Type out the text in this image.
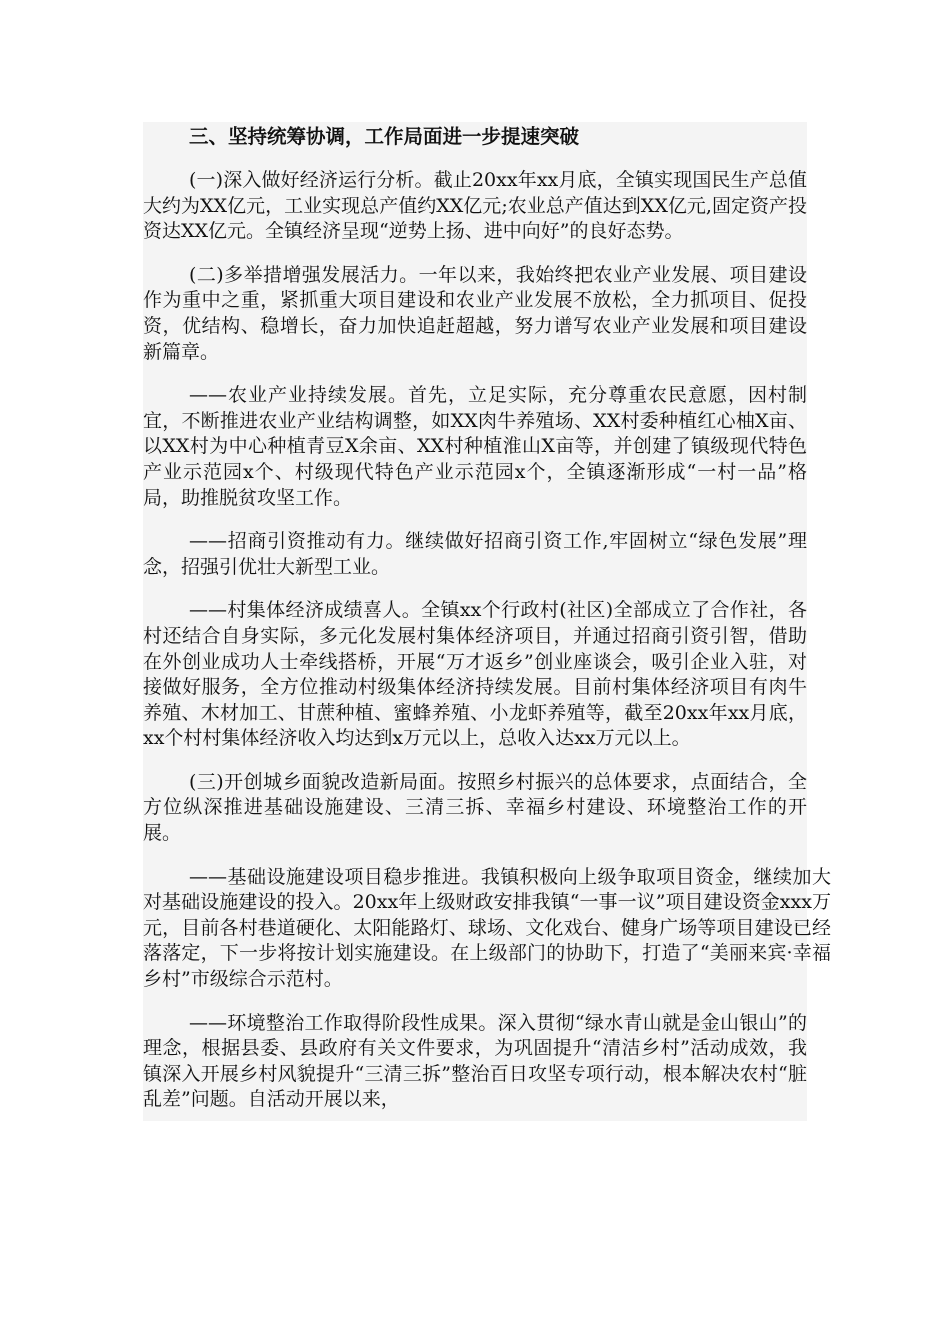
三、坚持统筹协调，工作局面进一步提速突破

(一)深入做好经济运行分析。截止20xx年xx月底，全镇实现国民生产总值大约为XX亿元，工业实现总产值约XX亿元;农业总产值达到XX亿元,固定资产投资达XX亿元。全镇经济呈现“逆势上扬、进中向好”的良好态势。

(二)多举措增强发展活力。一年以来，我始终把农业产业发展、项目建设作为重中之重，紧抓重大项目建设和农业产业发展不放松，全力抓项目、促投资，优结构、稳增长，奋力加快追赶超越，努力谱写农业产业发展和项目建设新篇章。

——农业产业持续发展。首先，立足实际，充分尊重农民意愿，因村制宜，不断推进农业产业结构调整，如XX肉牛养殖场、XX村委种植红心柚X亩、以XX村为中心种植青豆X余亩、XX村种植淮山X亩等，并创建了镇级现代特色产业示范园x个、村级现代特色产业示范园x个，全镇逐渐形成“一村一品”格局，助推脱贫攻坚工作。

——招商引资推动有力。继续做好招商引资工作,牢固树立“绿色发展”理念，招强引优壮大新型工业。

——村集体经济成绩喜人。全镇xx个行政村(社区)全部成立了合作社，各村还结合自身实际，多元化发展村集体经济项目，并通过招商引资引智，借助在外创业成功人士牵线搭桥，开展“万才返乡”创业座谈会，吸引企业入驻，对接做好服务，全方位推动村级集体经济持续发展。目前村集体经济项目有肉牛养殖、木材加工、甘蔗种植、蜜蜂养殖、小龙虾养殖等，截至20xx年xx月底，xx个村村集体经济收入均达到x万元以上，总收入达xx万元以上。

(三)开创城乡面貌改造新局面。按照乡村振兴的总体要求，点面结合，全方位纵深推进基础设施建设、三清三拆、幸福乡村建设、环境整治工作的开展。

——基础设施建设项目稳步推进。我镇积极向上级争取项目资金，继续加大对基础设施建设的投入。20xx年上级财政安排我镇“一事一议”项目建设资金xxx万元，目前各村巷道硬化、太阳能路灯、球场、文化戏台、健身广场等项目建设已经落落定，下一步将按计划实施建设。在上级部门的协助下，打造了“美丽来宾·幸福乡村”市级综合示范村。

——环境整治工作取得阶段性成果。深入贯彻“绿水青山就是金山银山”的理念，根据县委、县政府有关文件要求，为巩固提升“清洁乡村”活动成效，我镇深入开展乡村风貌提升“三清三拆”整治百日攻坚专项行动，根本解决农村“脏乱差”问题。自活动开展以来，
